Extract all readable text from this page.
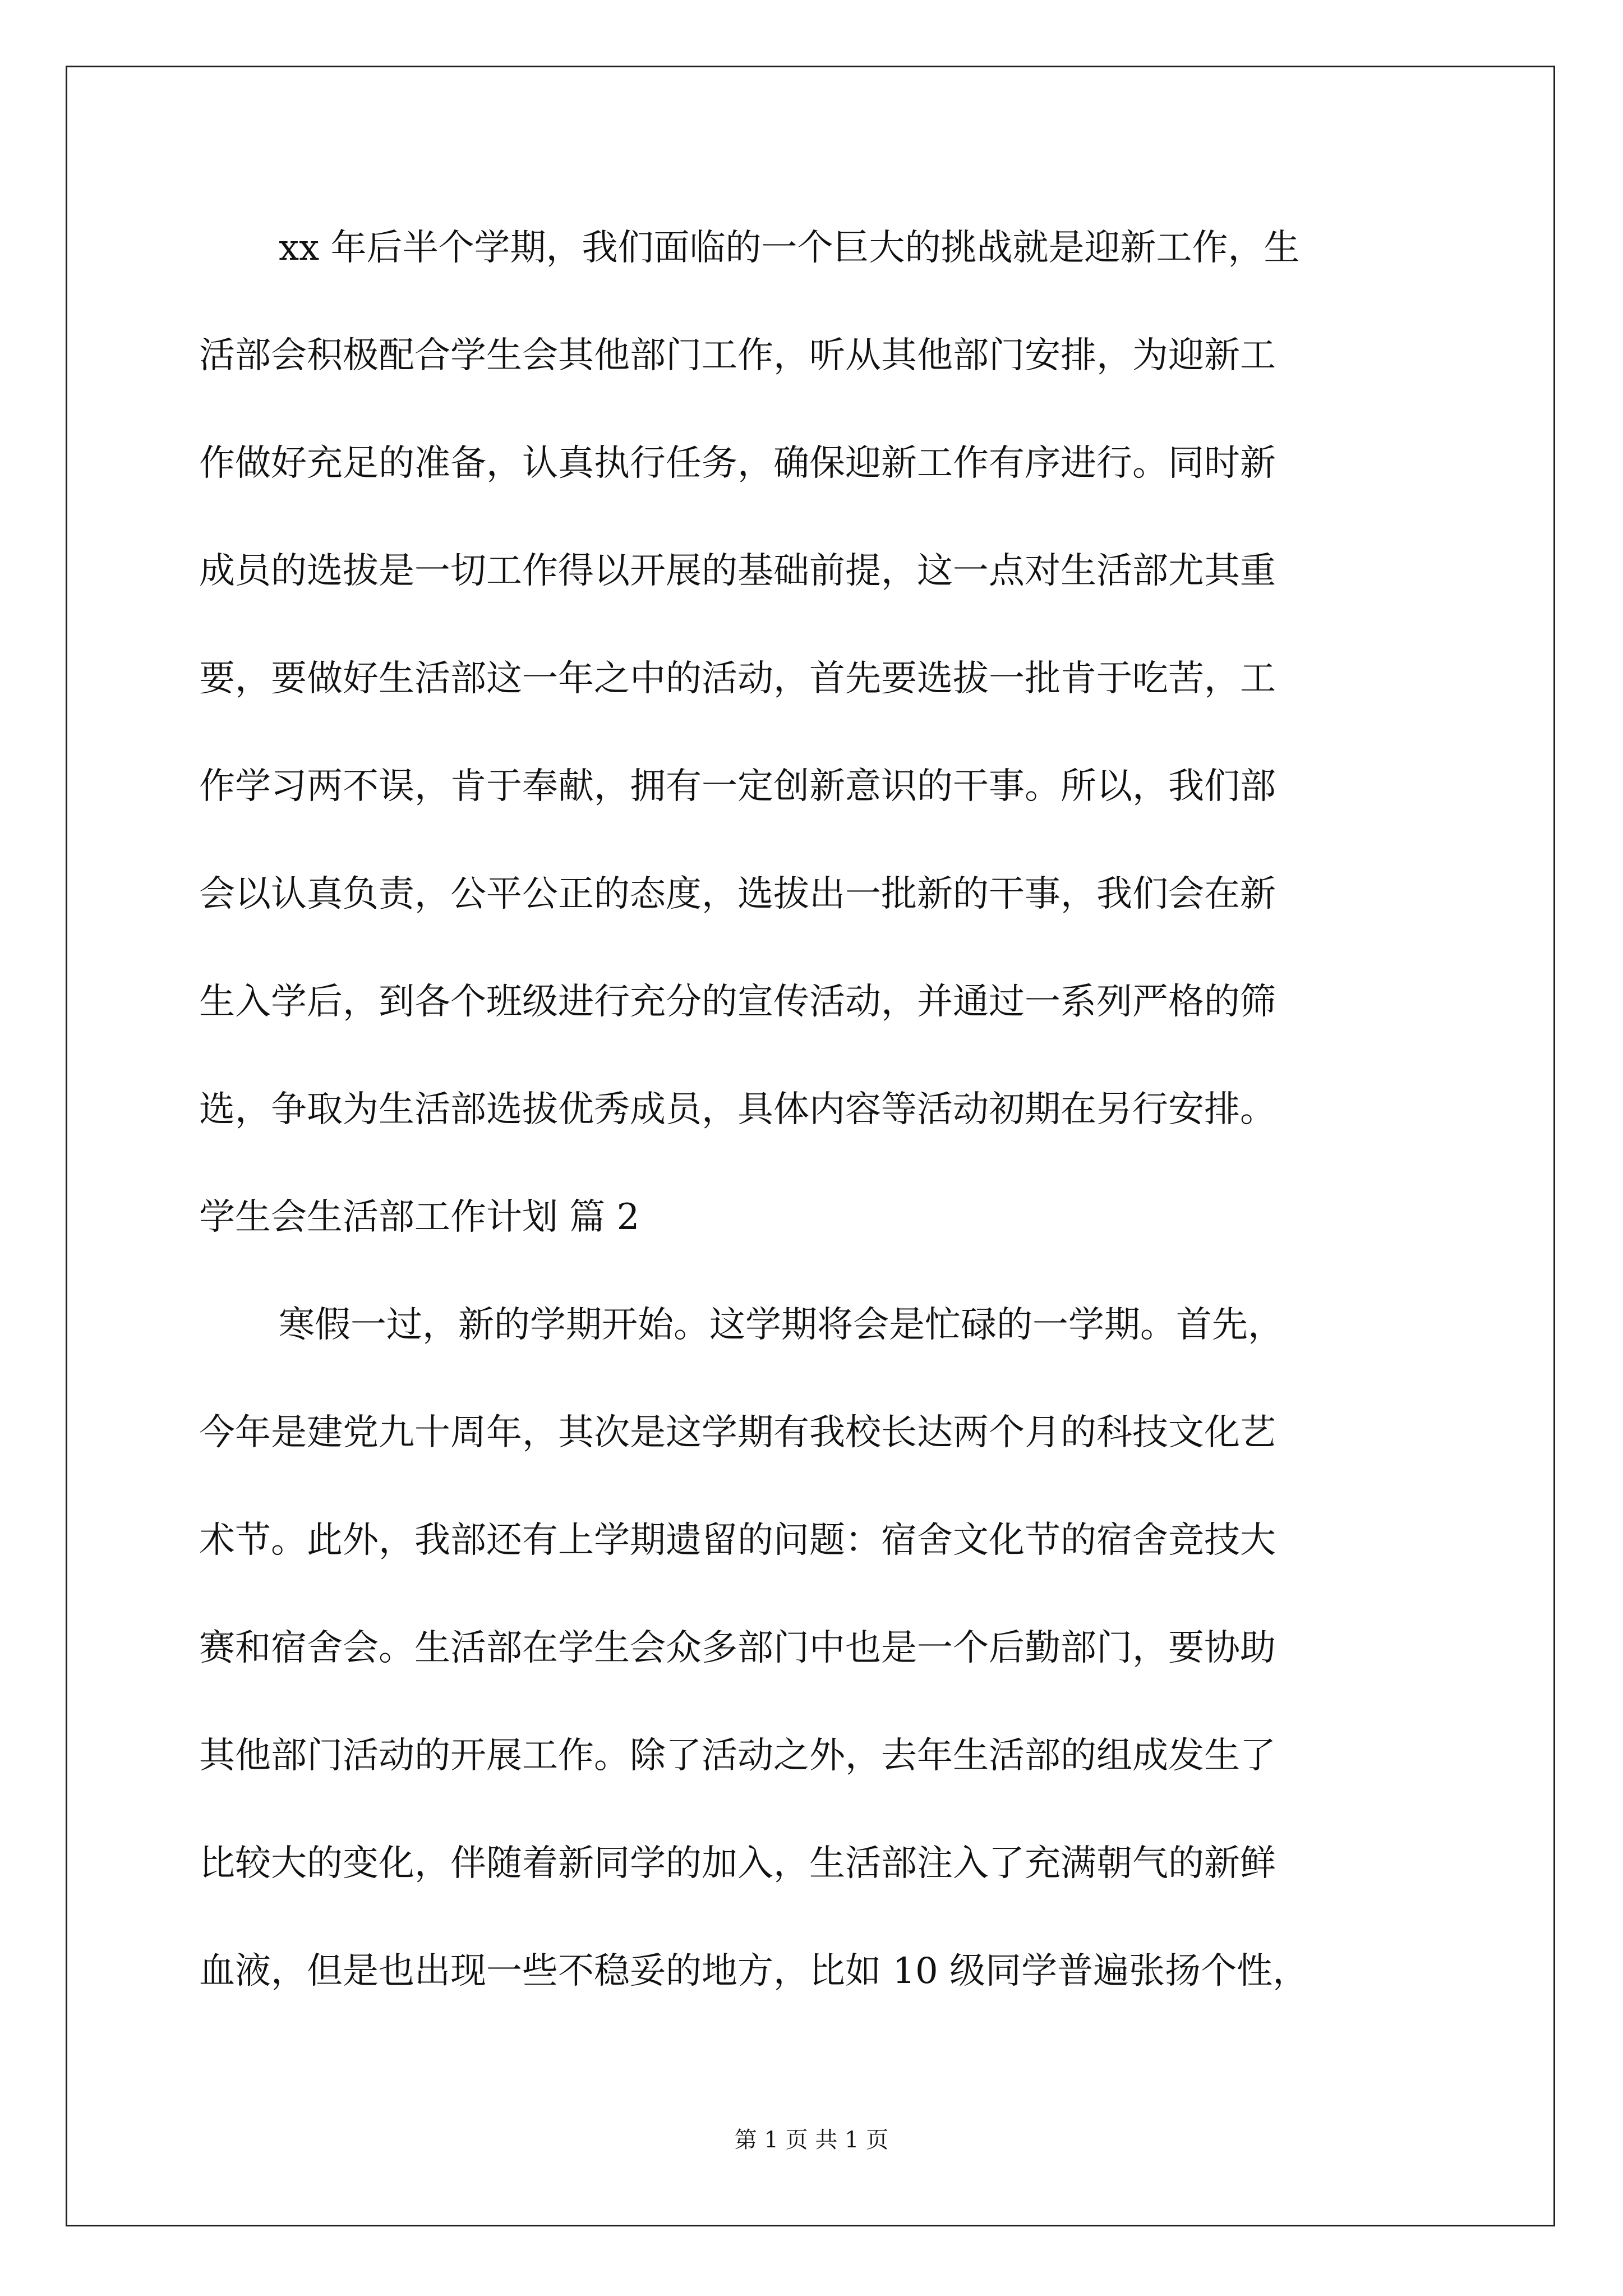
xx 年后半个学期，我们面临的一个巨大的挑战就是迎新工作，生
活部会积极配合学生会其他部门工作，听从其他部门安排，为迎新工
作做好充足的准备，认真执行任务，确保迎新工作有序进行。同时新
成员的选拔是一切工作得以开展的基础前提，这一点对生活部尤其重
要，要做好生活部这一年之中的活动，首先要选拔一批肯于吃苦，工
作学习两不误，肯于奉献，拥有一定创新意识的干事。所以，我们部
会以认真负责，公平公正的态度，选拔出一批新的干事，我们会在新
生入学后，到各个班级进行充分的宣传活动，并通过一系列严格的筛
选，争取为生活部选拔优秀成员，具体内容等活动初期在另行安排。
学生会生活部工作计划 篇 2
寒假一过，新的学期开始。这学期将会是忙碌的一学期。首先，
今年是建党九十周年，其次是这学期有我校长达两个月的科技文化艺
术节。此外，我部还有上学期遗留的问题：宿舍文化节的宿舍竞技大
赛和宿舍会。生活部在学生会众多部门中也是一个后勤部门，要协助
其他部门活动的开展工作。除了活动之外，去年生活部的组成发生了
比较大的变化，伴随着新同学的加入，生活部注入了充满朝气的新鲜
血液，但是也出现一些不稳妥的地方，比如 10 级同学普遍张扬个性，
第 1 页 共 1 页
